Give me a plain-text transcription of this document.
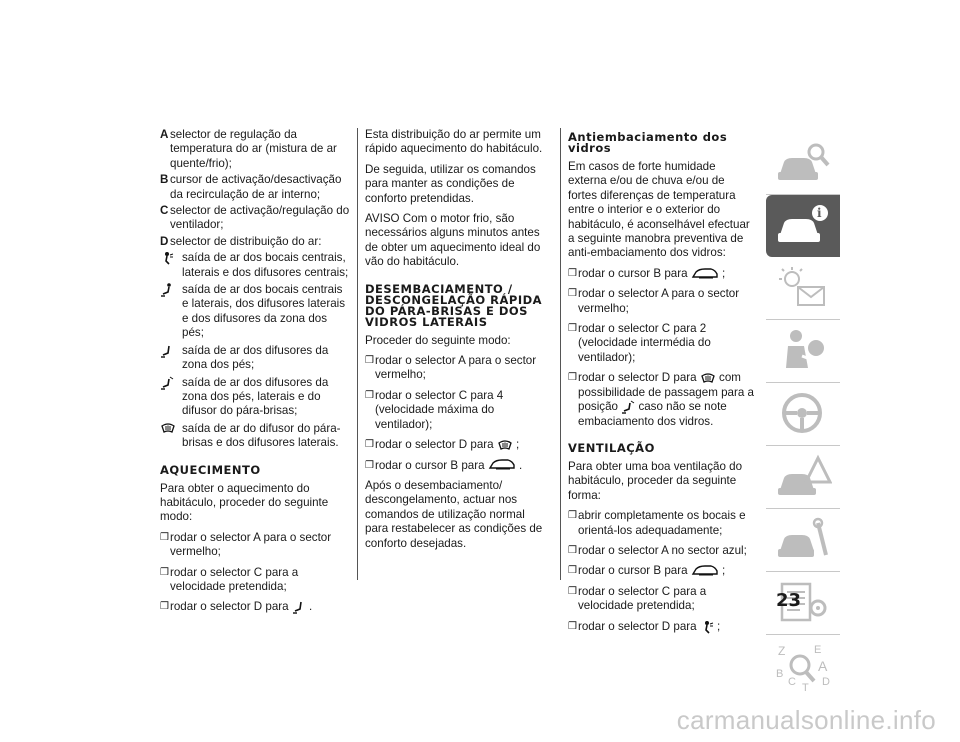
A selector de regulação da temperatura do ar (mistura de ar quente/frio);
B cursor de activação/desactivação da recirculação de ar interno;
C selector de activação/regulação do ventilador;
D selector de distribuição do ar:
saída de ar dos bocais centrais, laterais e dos difusores centrais;
saída de ar dos bocais centrais e laterais, dos difusores laterais e dos difusores da zona dos pés;
saída de ar dos difusores da zona dos pés;
saída de ar dos difusores da zona dos pés, laterais e do difusor do pára-brisas;
saída de ar do difusor do pára-brisas e dos difusores laterais.
AQUECIMENTO

Para obter o aquecimento do habitáculo, proceder do seguinte modo:

❒ rodar o selector A para o sector vermelho;
❒ rodar o selector C para a velocidade pretendida;
❒ rodar o selector D para .

Esta distribuição do ar permite um rápido aquecimento do habitáculo.

De seguida, utilizar os comandos para manter as condições de conforto pretendidas.

AVISO Com o motor frio, são necessários alguns minutos antes de obter um aquecimento ideal do vão do habitáculo.

DESEMBACIAMENTO / DESCONGELAÇÃO RÁPIDA DO PÁRA-BRISAS E DOS VIDROS LATERAIS

Proceder do seguinte modo:

❒ rodar o selector A para o sector vermelho;
❒ rodar o selector C para 4 (velocidade máxima do ventilador);
❒ rodar o selector D para ;
❒ rodar o cursor B para	.

Após o desembaciamento/ descongelamento, actuar nos comandos de utilização normal para restabelecer as condições de conforto desejadas.

Antiembaciamento dos vidros

Em casos de forte humidade externa e/ou de chuva e/ou de fortes diferenças de temperatura entre o interior e o exterior do habitáculo, é aconselhável efectuar a seguinte manobra preventiva de anti-embaciamento dos vidros:

❒ rodar o cursor B para	;
❒ rodar o selector A para o sector vermelho;
❒ rodar o selector C para 2 (velocidade intermédia do ventilador);
❒ rodar o selector D para com possibilidade de passagem para a posição caso não se note embaciamento dos vidros.
VENTILAÇÃO

Para obter uma boa ventilação do habitáculo, proceder da seguinte forma:

❒ abrir completamente os bocais e orientá-los adequadamente;
❒ rodar o selector A no sector azul;
❒ rodar o cursor B para	;
❒ rodar o selector C para a velocidade pretendida;
❒ rodar o selector D para ;
i
Z	E
B A
C T D
23
carmanualsonline.info
